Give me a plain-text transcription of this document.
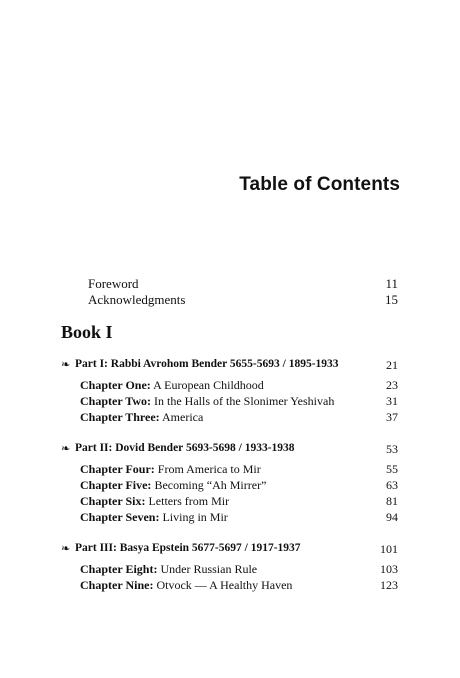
Table of Contents
Foreword	11
Acknowledgments	15
Book I
❧ Part I: Rabbi Avrohom Bender 5655-5693 / 1895-1933	21
Chapter One: A European Childhood	23
Chapter Two: In the Halls of the Slonimer Yeshivah	31
Chapter Three: America	37
❧ Part II: Dovid Bender 5693-5698 / 1933-1938	53
Chapter Four: From America to Mir	55
Chapter Five: Becoming “Ah Mirrer”	63
Chapter Six: Letters from Mir	81
Chapter Seven: Living in Mir	94
❧ Part III: Basya Epstein 5677-5697 / 1917-1937	101
Chapter Eight: Under Russian Rule	103
Chapter Nine: Otvock — A Healthy Haven	123
